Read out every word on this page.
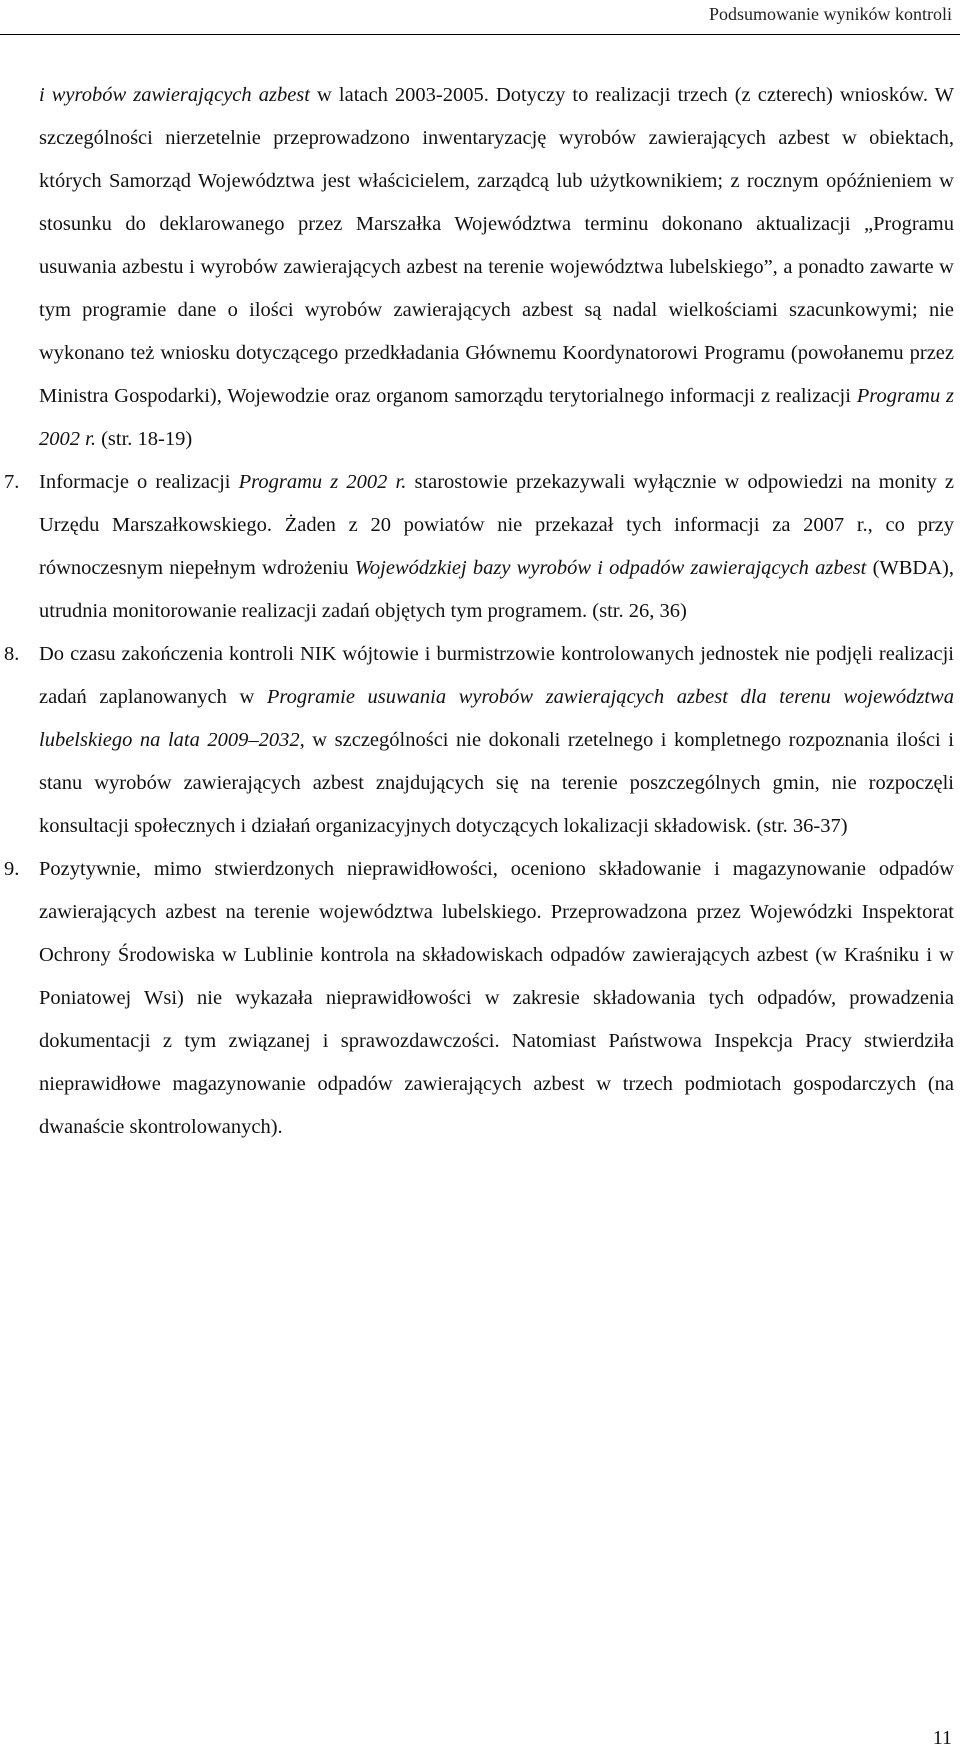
Podsumowanie wyników kontroli

i wyrobów zawierających azbest w latach 2003-2005. Dotyczy to realizacji trzech (z czterech) wniosków. W szczególności nierzetelnie przeprowadzono inwentaryzację wyrobów zawierających azbest w obiektach, których Samorząd Województwa jest właścicielem, zarządcą lub użytkownikiem; z rocznym opóźnieniem w stosunku do deklarowanego przez Marszałka Województwa terminu dokonano aktualizacji „Programu usuwania azbestu i wyrobów zawierających azbest na terenie województwa lubelskiego”, a ponadto zawarte w tym programie dane o ilości wyrobów zawierających azbest są nadal wielkościami szacunkowymi; nie wykonano też wniosku dotyczącego przedkładania Głównemu Koordynatorowi Programu (powołanemu przez Ministra Gospodarki), Wojewodzie oraz organom samorządu terytorialnego informacji z realizacji Programu z 2002 r. (str. 18-19)

7. Informacje o realizacji Programu z 2002 r. starostowie przekazywali wyłącznie w odpowiedzi na monity z Urzędu Marszałkowskiego. Żaden z 20 powiatów nie przekazał tych informacji za 2007 r., co przy równoczesnym niepełnym wdrożeniu Wojewódzkiej bazy wyrobów i odpadów zawierających azbest (WBDA), utrudnia monitorowanie realizacji zadań objętych tym programem. (str. 26, 36)

8. Do czasu zakończenia kontroli NIK wójtowie i burmistrzowie kontrolowanych jednostek nie podjęli realizacji zadań zaplanowanych w Programie usuwania wyrobów zawierających azbest dla terenu województwa lubelskiego na lata 2009–2032, w szczególności nie dokonali rzetelnego i kompletnego rozpoznania ilości i stanu wyrobów zawierających azbest znajdujących się na terenie poszczególnych gmin, nie rozpoczęli konsultacji społecznych i działań organizacyjnych dotyczących lokalizacji składowisk. (str. 36-37)

9. Pozytywnie, mimo stwierdzonych nieprawidłowości, oceniono składowanie i magazynowanie odpadów zawierających azbest na terenie województwa lubelskiego. Przeprowadzona przez Wojewódzki Inspektorat Ochrony Środowiska w Lublinie kontrola na składowiskach odpadów zawierających azbest (w Kraśniku i w Poniatowej Wsi) nie wykazała nieprawidłowości w zakresie składowania tych odpadów, prowadzenia dokumentacji z tym związanej i sprawozdawczości. Natomiast Państwowa Inspekcja Pracy stwierdziła nieprawidłowe magazynowanie odpadów zawierających azbest w trzech podmiotach gospodarczych (na dwanaście skontrolowanych).

11
